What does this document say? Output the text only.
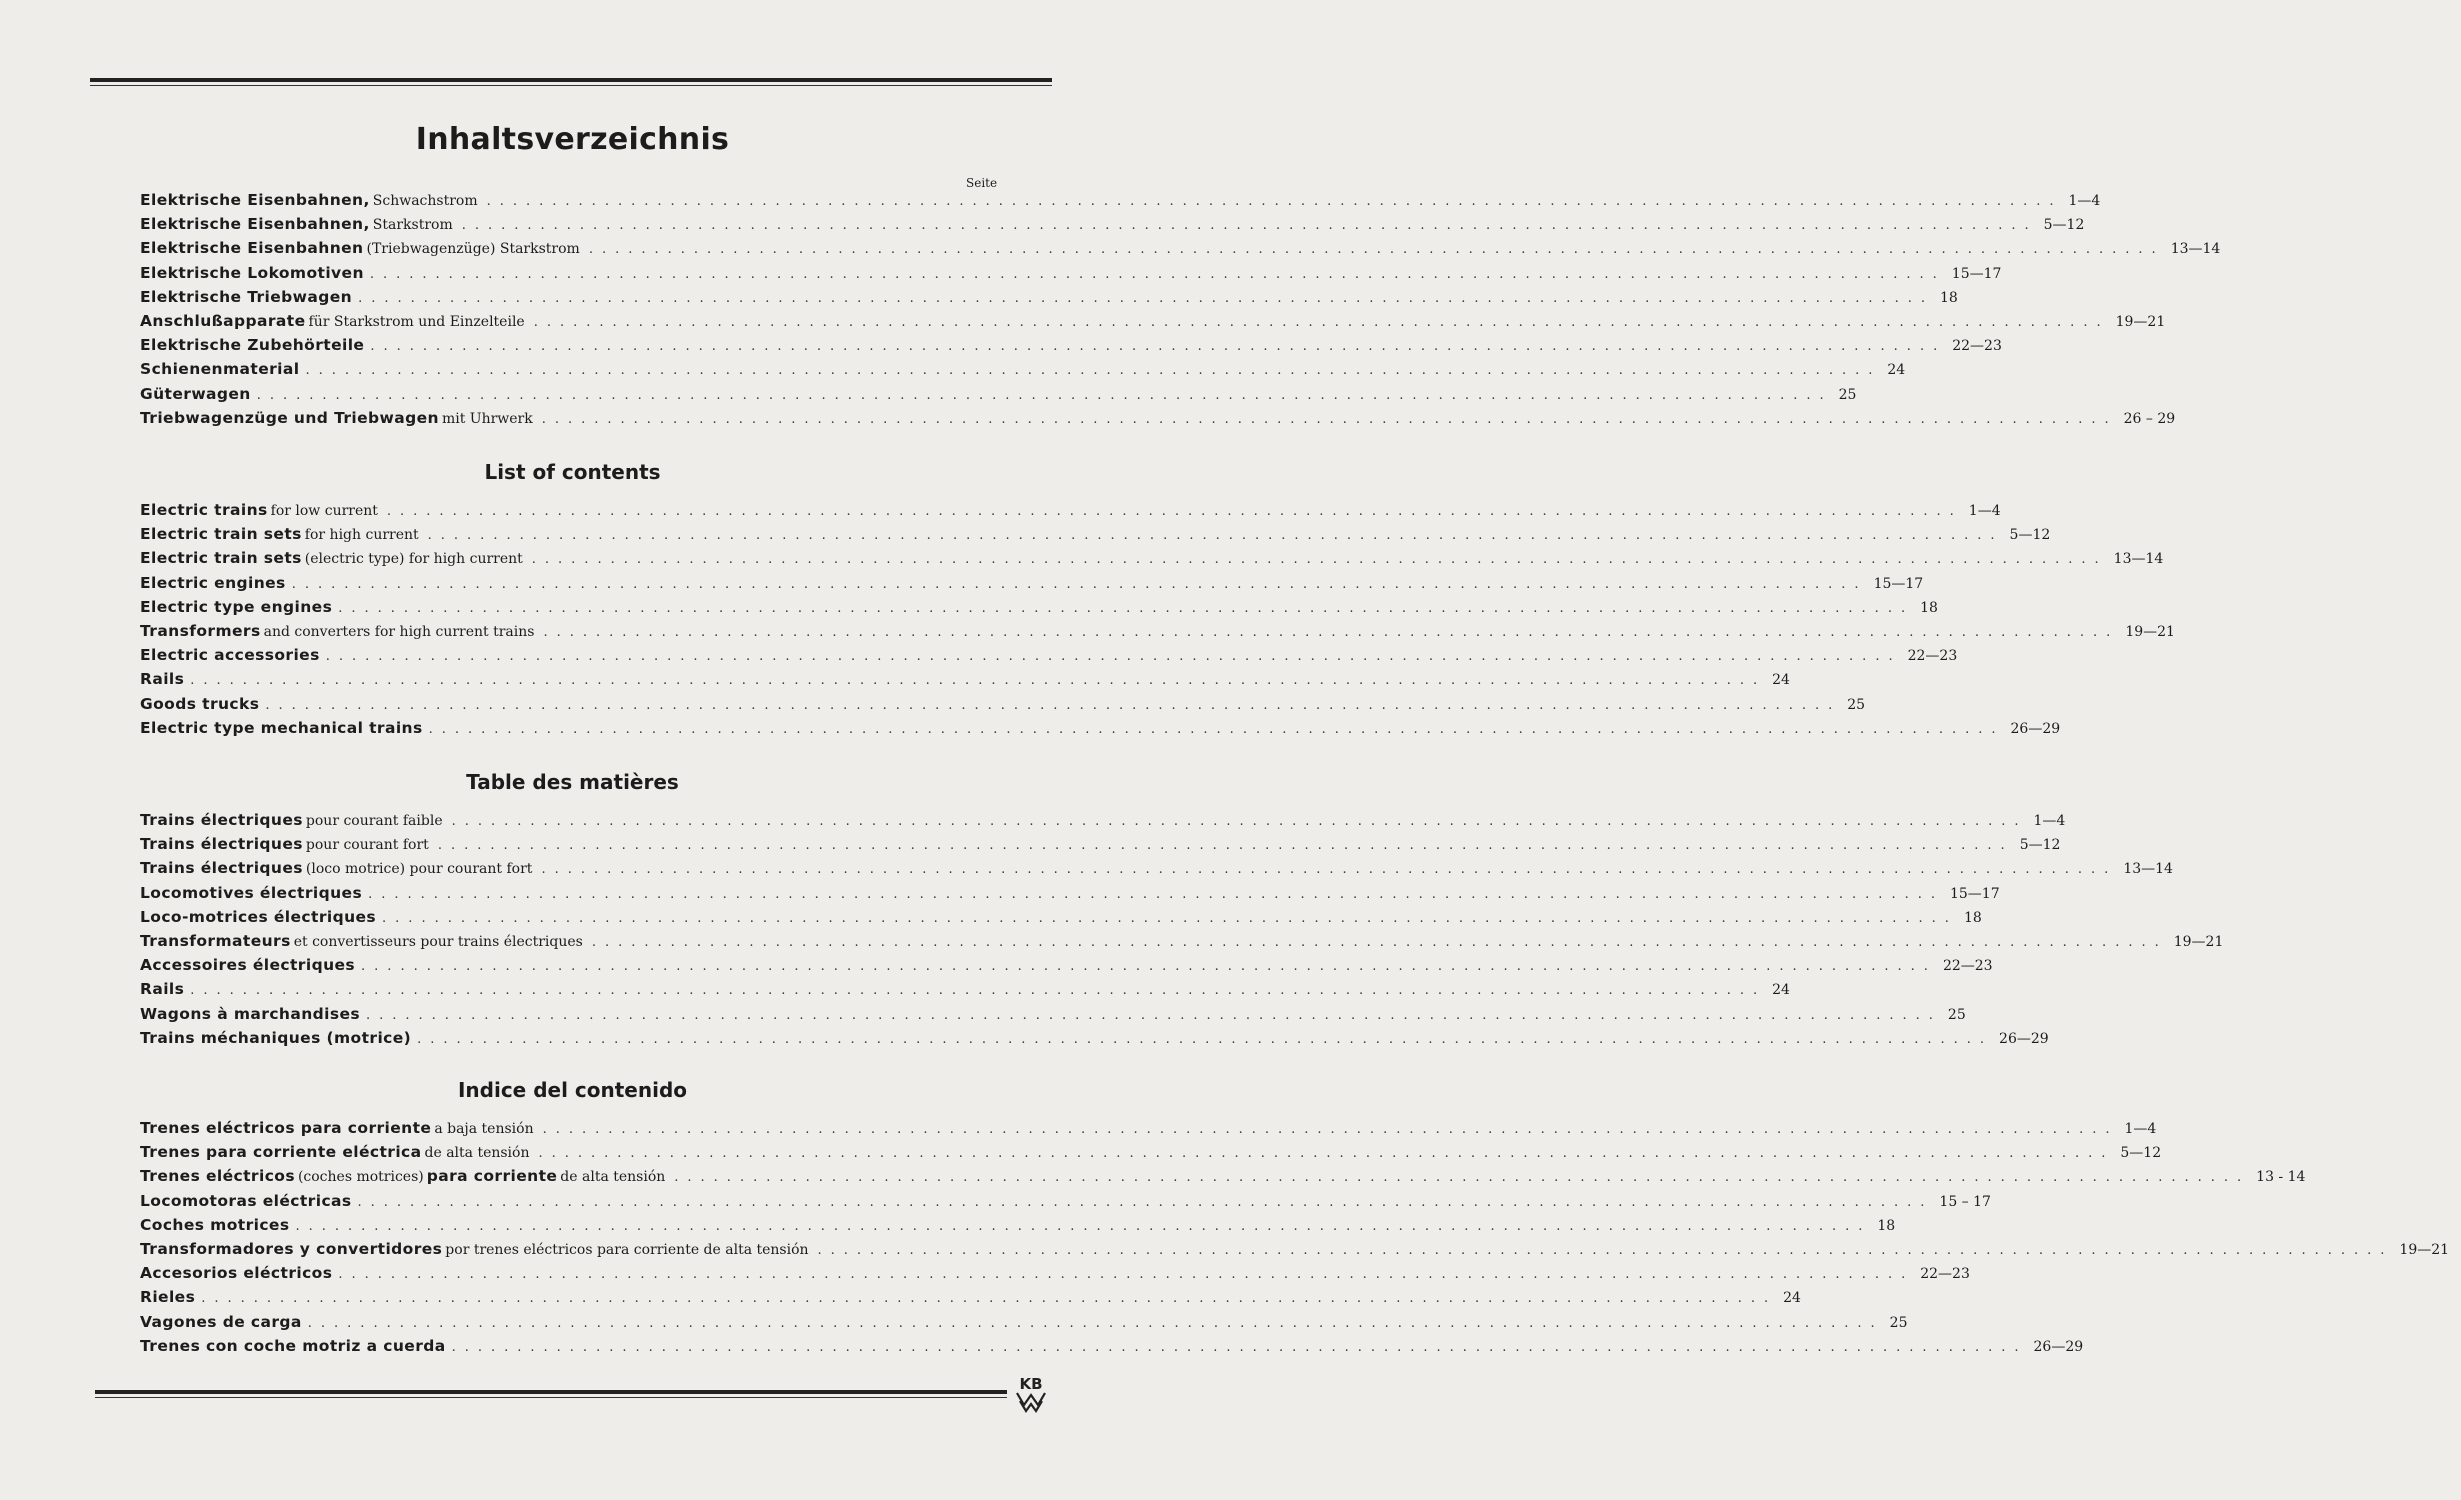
Inhaltsverzeichnis
Seite
Elektrische Eisenbahnen, Schwachstrom ........................................................................................................................ 1—4
Elektrische Eisenbahnen, Starkstrom ........................................................................................................................ 5—12
Elektrische Eisenbahnen (Triebwagenzüge) Starkstrom ........................................................................................................................ 13—14
Elektrische Lokomotiven ........................................................................................................................ 15—17
Elektrische Triebwagen ........................................................................................................................ 18
Anschlußapparate für Starkstrom und Einzelteile ........................................................................................................................ 19—21
Elektrische Zubehörteile ........................................................................................................................ 22—23
Schienenmaterial ........................................................................................................................ 24
Güterwagen ........................................................................................................................ 25
Triebwagenzüge und Triebwagen mit Uhrwerk ........................................................................................................................ 26 – 29
List of contents
Electric trains for low current ........................................................................................................................ 1—4
Electric train sets for high current ........................................................................................................................ 5—12
Electric train sets (electric type) for high current ........................................................................................................................ 13—14
Electric engines ........................................................................................................................ 15—17
Electric type engines ........................................................................................................................ 18
Transformers and converters for high current trains ........................................................................................................................ 19—21
Electric accessories ........................................................................................................................ 22—23
Rails ........................................................................................................................ 24
Goods trucks ........................................................................................................................ 25
Electric type mechanical trains ........................................................................................................................ 26—29
Table des matières
Trains électriques pour courant faible ........................................................................................................................ 1—4
Trains électriques pour courant fort ........................................................................................................................ 5—12
Trains électriques (loco motrice) pour courant fort ........................................................................................................................ 13—14
Locomotives électriques ........................................................................................................................ 15—17
Loco-motrices électriques ........................................................................................................................ 18
Transformateurs et convertisseurs pour trains électriques ........................................................................................................................ 19—21
Accessoires électriques ........................................................................................................................ 22—23
Rails ........................................................................................................................ 24
Wagons à marchandises ........................................................................................................................ 25
Trains méchaniques (motrice) ........................................................................................................................ 26—29
Indice del contenido
Trenes eléctricos para corriente a baja tensión ........................................................................................................................ 1—4
Trenes para corriente eléctrica de alta tensión ........................................................................................................................ 5—12
Trenes eléctricos (coches motrices) para corriente de alta tensión ........................................................................................................................ 13 - 14
Locomotoras eléctricas ........................................................................................................................ 15 – 17
Coches motrices ........................................................................................................................ 18
Transformadores y convertidores por trenes eléctricos para corriente de alta tensión ........................................................................................................................ 19—21
Accesorios eléctricos ........................................................................................................................ 22—23
Rieles ........................................................................................................................ 24
Vagones de carga ........................................................................................................................ 25
Trenes con coche motriz a cuerda ........................................................................................................................ 26—29
KB
